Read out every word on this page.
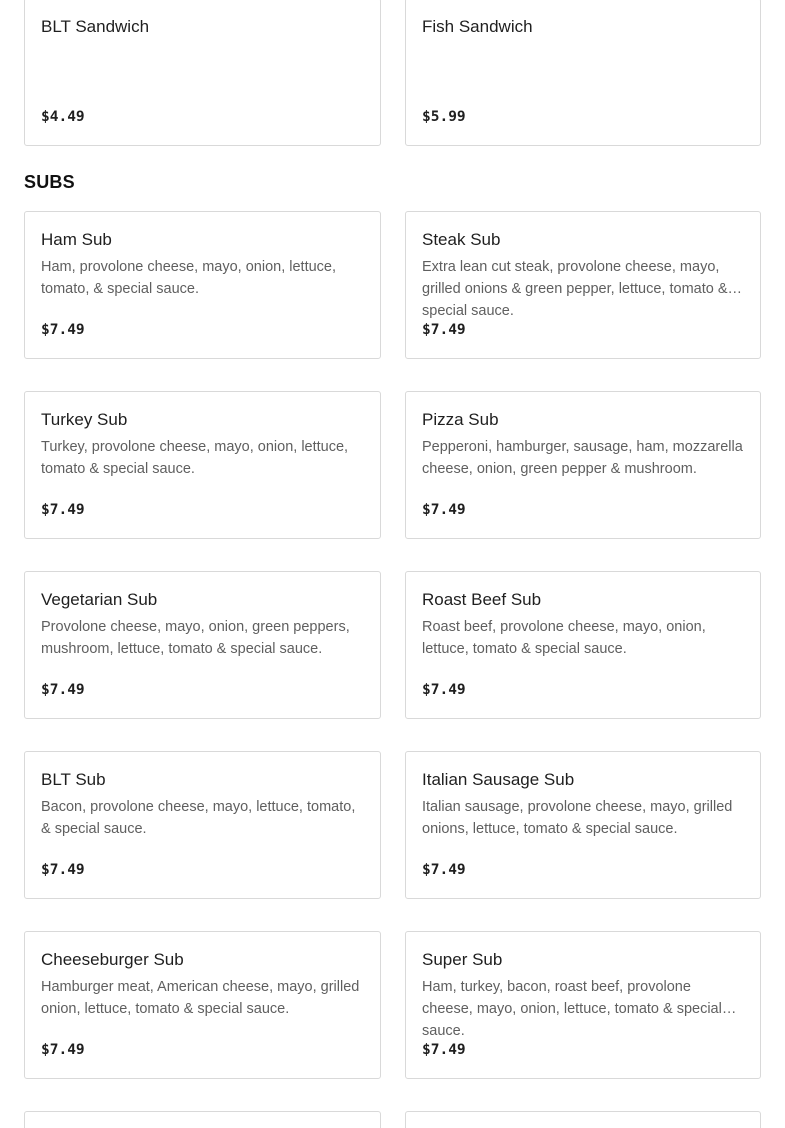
BLT Sandwich
$4.49
Fish Sandwich
$5.99
SUBS
Ham Sub
Ham, provolone cheese, mayo, onion, lettuce, tomato, & special sauce.
$7.49
Steak Sub
Extra lean cut steak, provolone cheese, mayo, grilled onions & green pepper, lettuce, tomato & special sauce.
$7.49
Turkey Sub
Turkey, provolone cheese, mayo, onion, lettuce, tomato & special sauce.
$7.49
Pizza Sub
Pepperoni, hamburger, sausage, ham, mozzarella cheese, onion, green pepper & mushroom.
$7.49
Vegetarian Sub
Provolone cheese, mayo, onion, green peppers, mushroom, lettuce, tomato & special sauce.
$7.49
Roast Beef Sub
Roast beef, provolone cheese, mayo, onion, lettuce, tomato & special sauce.
$7.49
BLT Sub
Bacon, provolone cheese, mayo, lettuce, tomato, & special sauce.
$7.49
Italian Sausage Sub
Italian sausage, provolone cheese, mayo, grilled onions, lettuce, tomato & special sauce.
$7.49
Cheeseburger Sub
Hamburger meat, American cheese, mayo, grilled onion, lettuce, tomato & special sauce.
$7.49
Super Sub
Ham, turkey, bacon, roast beef, provolone cheese, mayo, onion, lettuce, tomato & special sauce.
$7.49
